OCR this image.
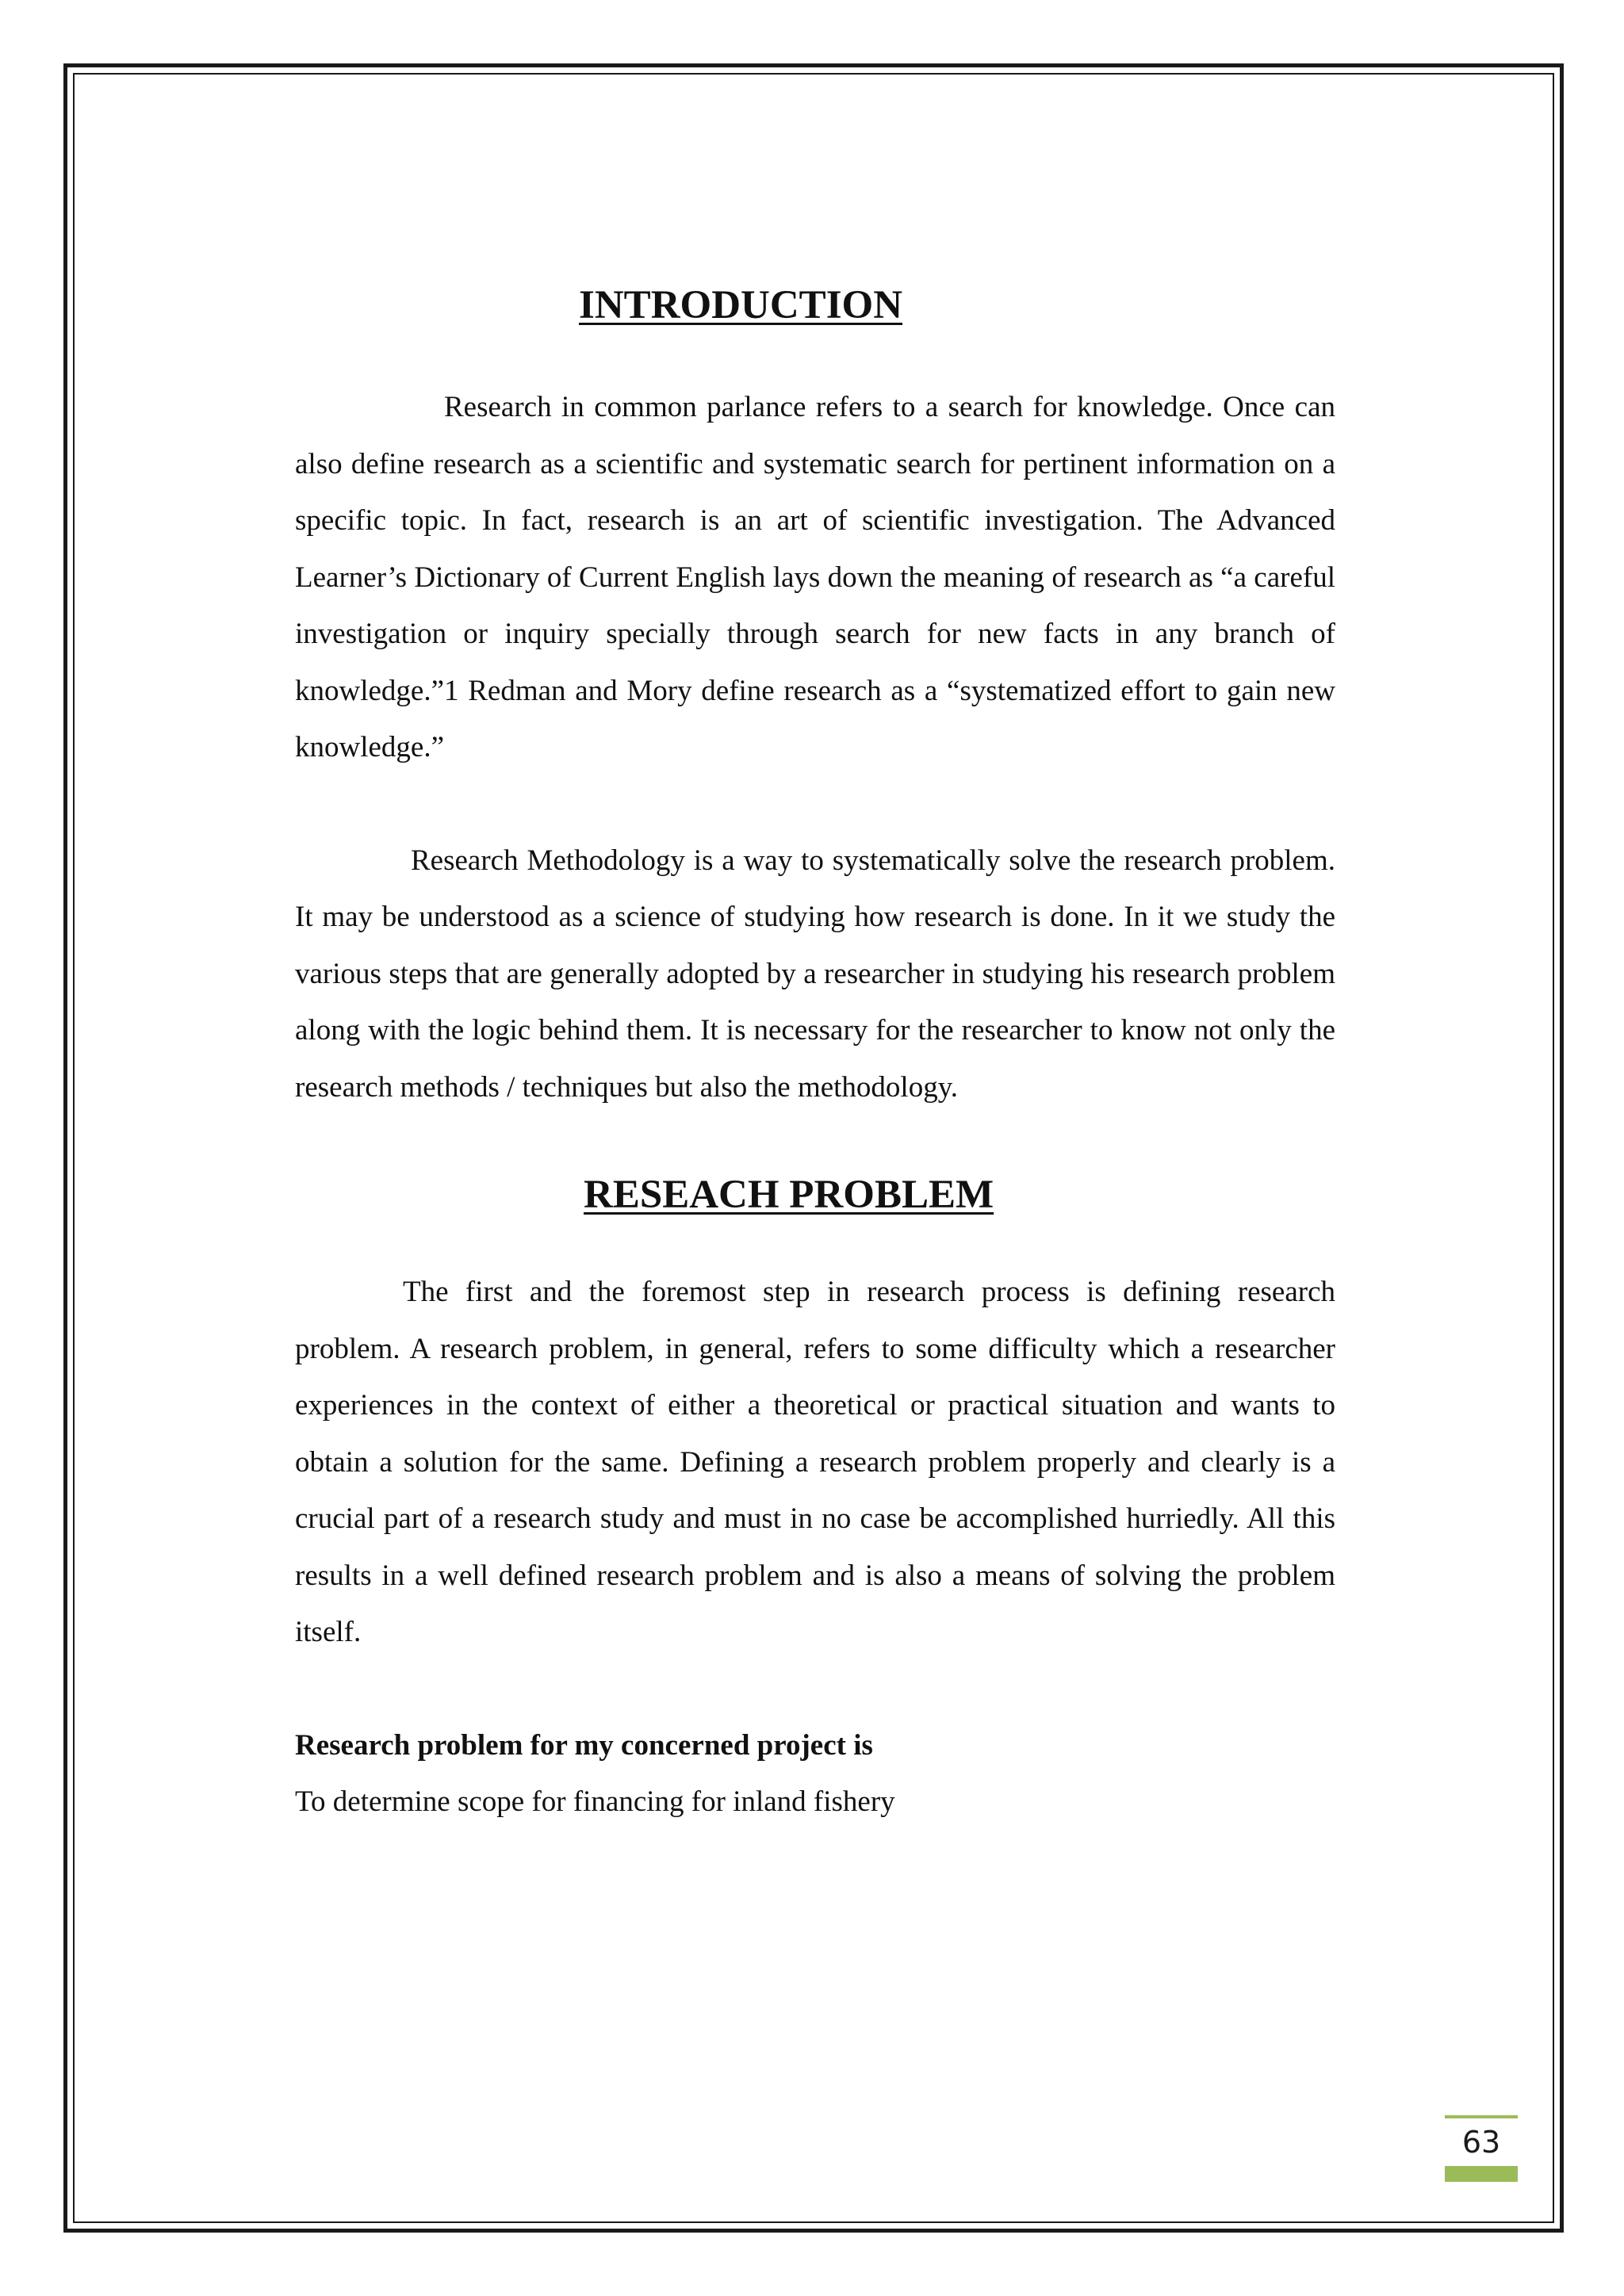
INTRODUCTION

Research in common parlance refers to a search for knowledge. Once can also define research as a scientific and systematic search for pertinent information on a specific topic. In fact, research is an art of scientific investigation. The Advanced Learner’s Dictionary of Current English lays down the meaning of research as “a careful investigation or inquiry specially through search for new facts in any branch of knowledge.”1 Redman and Mory define research as a “systematized effort to gain new knowledge.”

Research Methodology is a way to systematically solve the research problem. It may be understood as a science of studying how research is done. In it we study the various steps that are generally adopted by a researcher in studying his research problem along with the logic behind them. It is necessary for the researcher to know not only the research methods / techniques but also the methodology.

RESEACH PROBLEM

The first and the foremost step in research process is defining research problem. A research problem, in general, refers to some difficulty which a researcher experiences in the context of either a theoretical or practical situation and wants to obtain a solution for the same. Defining a research problem properly and clearly is a crucial part of a research study and must in no case be accomplished hurriedly. All this results in a well defined research problem and is also a means of solving the problem itself.

Research problem for my concerned project is

To determine scope for financing for inland fishery

63
